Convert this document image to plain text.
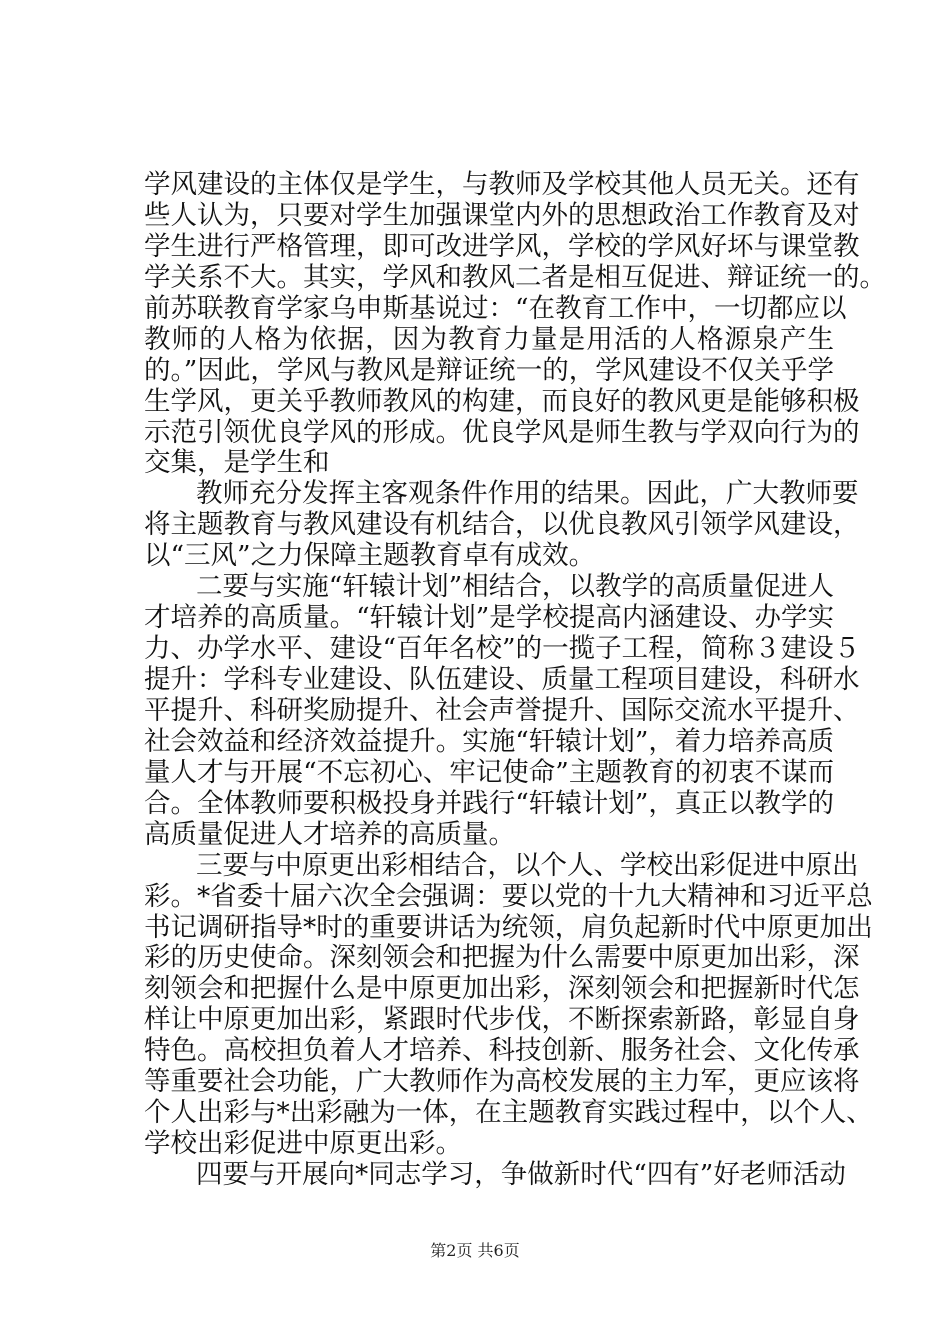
学风建设的主体仅是学生，与教师及学校其他人员无关。还有
些人认为，只要对学生加强课堂内外的思想政治工作教育及对
学生进行严格管理，即可改进学风，学校的学风好坏与课堂教
学关系不大。其实，学风和教风二者是相互促进、辩证统一的。
前苏联教育学家乌申斯基说过：“在教育工作中，一切都应以
教师的人格为依据，因为教育力量是用活的人格源泉产生
的。”因此，学风与教风是辩证统一的，学风建设不仅关乎学
生学风，更关乎教师教风的构建，而良好的教风更是能够积极
示范引领优良学风的形成。优良学风是师生教与学双向行为的
交集，是学生和
教师充分发挥主客观条件作用的结果。因此，广大教师要
将主题教育与教风建设有机结合，以优良教风引领学风建设，
以“三风”之力保障主题教育卓有成效。
二要与实施“轩辕计划”相结合，以教学的高质量促进人
才培养的高质量。“轩辕计划”是学校提高内涵建设、办学实
力、办学水平、建设“百年名校”的一揽子工程，简称３建设５
提升：学科专业建设、队伍建设、质量工程项目建设，科研水
平提升、科研奖励提升、社会声誉提升、国际交流水平提升、
社会效益和经济效益提升。实施“轩辕计划”，着力培养高质
量人才与开展“不忘初心、牢记使命”主题教育的初衷不谋而
合。全体教师要积极投身并践行“轩辕计划”，真正以教学的
高质量促进人才培养的高质量。
三要与中原更出彩相结合，以个人、学校出彩促进中原出
彩。*省委十届六次全会强调：要以党的十九大精神和习近平总
书记调研指导*时的重要讲话为统领，肩负起新时代中原更加出
彩的历史使命。深刻领会和把握为什么需要中原更加出彩，深
刻领会和把握什么是中原更加出彩，深刻领会和把握新时代怎
样让中原更加出彩，紧跟时代步伐，不断探索新路，彰显自身
特色。高校担负着人才培养、科技创新、服务社会、文化传承
等重要社会功能，广大教师作为高校发展的主力军，更应该将
个人出彩与*出彩融为一体，在主题教育实践过程中，以个人、
学校出彩促进中原更出彩。
四要与开展向*同志学习，争做新时代“四有”好老师活动
第2页 共6页
